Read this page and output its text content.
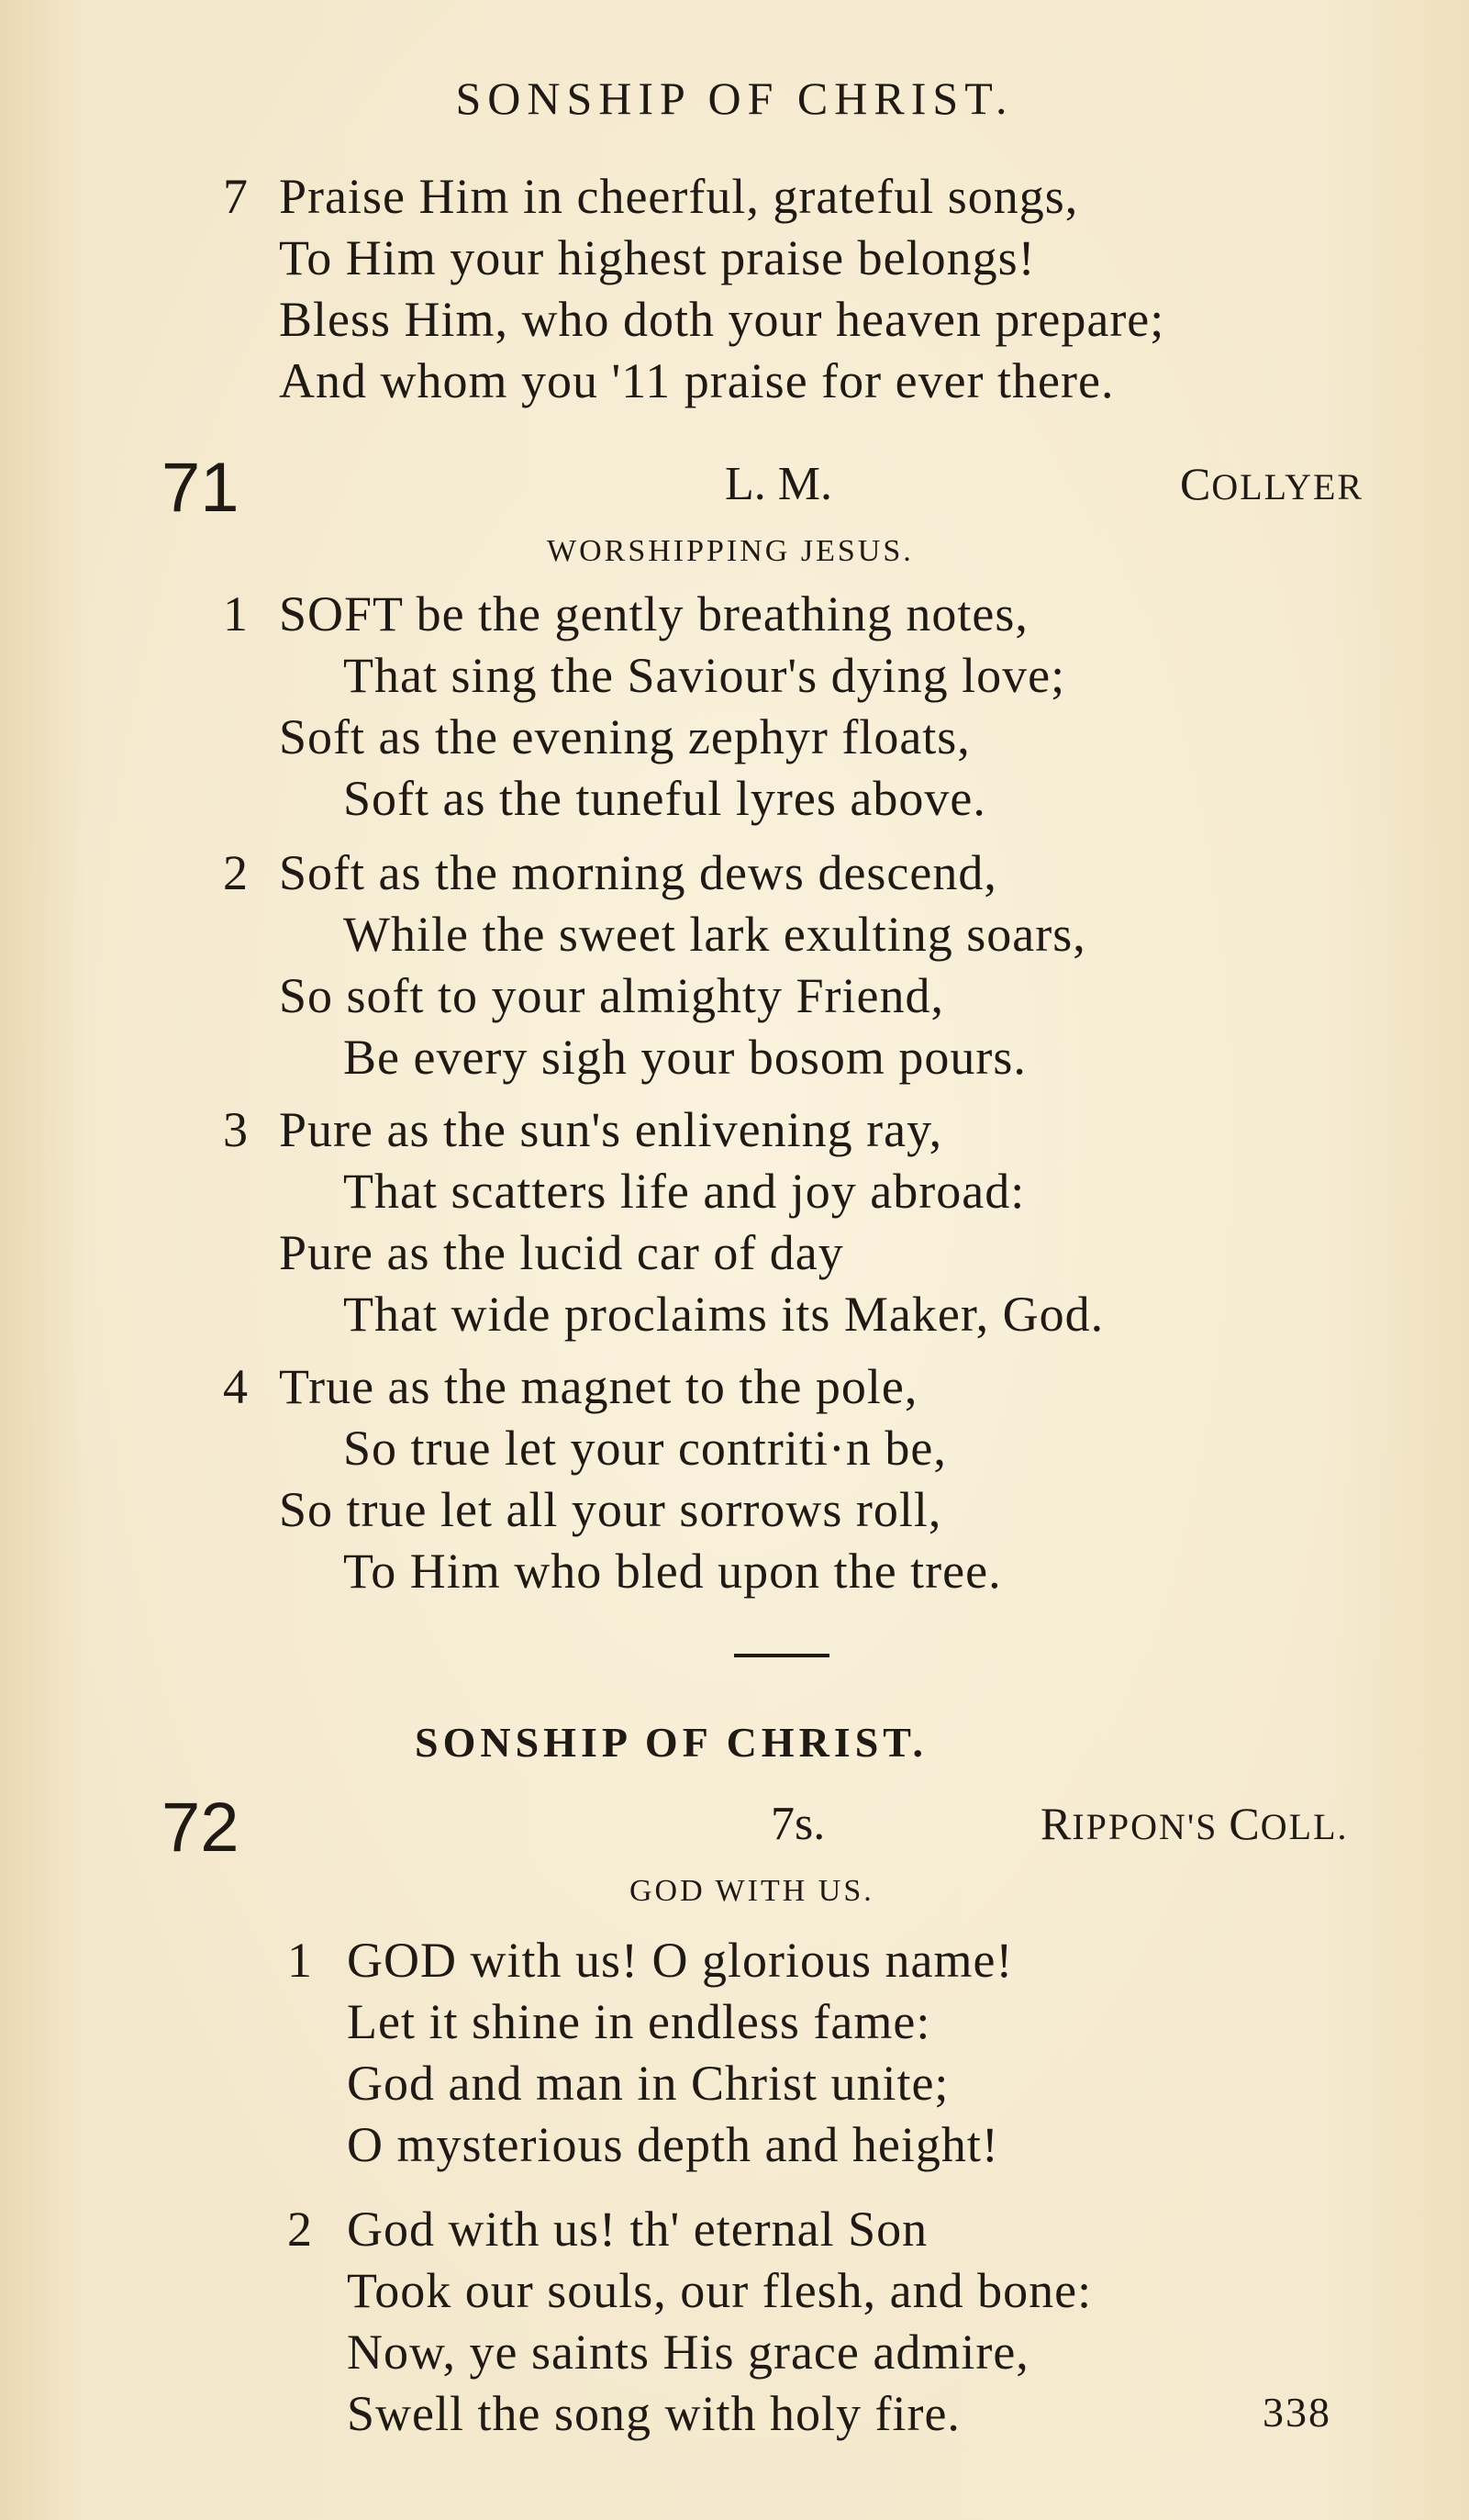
SONSHIP OF CHRIST.
7 Praise Him in cheerful, grateful songs,
To Him your highest praise belongs!
Bless Him, who doth your heaven prepare;
And whom you '11 praise for ever there.
71	L. M.	COLLYER
WORSHIPPING JESUS.
1 SOFT be the gently breathing notes,
That sing the Saviour's dying love;
Soft as the evening zephyr floats,
Soft as the tuneful lyres above.
2 Soft as the morning dews descend,
While the sweet lark exulting soars,
So soft to your almighty Friend,
Be every sigh your bosom pours.
3 Pure as the sun's enlivening ray,
That scatters life and joy abroad:
Pure as the lucid car of day
That wide proclaims its Maker, God.
4 True as the magnet to the pole,
So true let your contriti·n be,
So true let all your sorrows roll,
To Him who bled upon the tree.
SONSHIP OF CHRIST.
72	7s.	RIPPON'S COLL.
GOD WITH US.
1 GOD with us! O glorious name!
Let it shine in endless fame:
God and man in Christ unite;
O mysterious depth and height!
2 God with us! th' eternal Son
Took our souls, our flesh, and bone:
Now, ye saints His grace admire,
Swell the song with holy fire.	338
